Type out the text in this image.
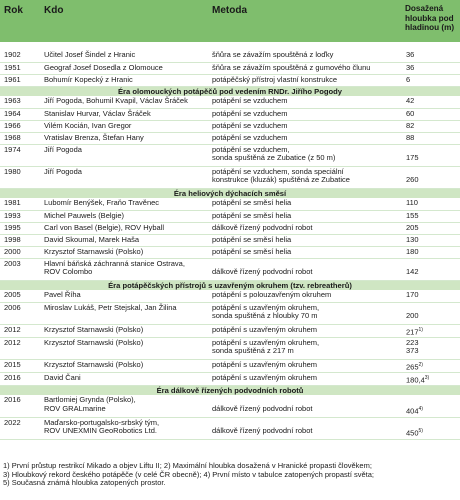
Rok	Kdo	Metoda	Dosažená
hloubka pod
hladinou (m)

1902	Učitel Josef Šindel z Hranic	šňůra se závažím spouštěná z loďky	36
1951	Geograf Josef Dosedla z Olomouce	šňůra se závažím spouštěná z gumového člunu	36
1961	Bohumír Kopecký z Hranic	potápěčský přístroj vlastní konstrukce	6
Éra olomouckých potápěčů pod vedením RNDr. Jiřího Pogody			
1963	Jiří Pogoda, Bohumil Kvapil, Václav Šráček	potápění se vzduchem	42
1964	Stanislav Hurvar, Václav Šráček	potápění se vzduchem	60
1966	Vilém Kocián, Ivan Gregor	potápění se vzduchem	82
1968	Vratislav Brenza, Štefan Hany	potápění se vzduchem	88
1974	Jiří Pogoda	potápění se vzduchem,
sonda spuštěná ze Zubatice (z 50 m)	175
1980	Jiří Pogoda	potápění se vzduchem, sonda speciální
konstrukce (kluzák) spuštěná ze Zubatice	260
Éra heliových dýchacích směsí			
1981	Lubomír Benýšek, Fraňo Travěnec	potápění se směsí helia	110
1993	Michel Pauwels (Belgie)	potápění se směsí helia	155
1995	Carl von Basel (Belgie), ROV Hyball	dálkově řízený podvodní robot	205
1998	David Skoumal, Marek Haša	potápění se směsí helia	130
2000	Krzysztof Starnawski (Polsko)	potápění se směsí helia	180
2003	Hlavní báňská záchranná stanice Ostrava,
ROV Colombo	dálkově řízený podvodní robot	142
Éra potápěčských přístrojů s uzavřeným okruhem (tzv. rebreatherů)			
2005	Pavel Říha	potápění s polouzavřeným okruhem	170
2006	Miroslav Lukáš, Petr Stejskal, Jan Žilina	potápění s uzavřeným okruhem,
sonda spuštěná z hloubky 70 m	200
2012	Krzysztof Starnawski (Polsko)	potápění s uzavřeným okruhem	217$^{1)}$
2012	Krzysztof Starnawski (Polsko)	potápění s uzavřeným okruhem,
sonda spuštěná z 217 m	223
373
2015	Krzysztof Starnawski (Polsko)	potápění s uzavřeným okruhem	265$^{2)}$
2016	David Čani	potápění s uzavřeným okruhem	180,4$^{3)}$
Éra dálkově řízených podvodních robotů			
2016	Bartlomiej Gryndа (Polsko),
ROV GRALmarine	dálkově řízený podvodní robot	404$^{4)}$
2022	Maďarsko-portugalsko-srbský tým,
ROV UNEXMIN GeoRobotics Ltd.	dálkově řízený podvodní robot	450$^{5)}$

1) První průstup restrikcí Mikado a objev Liftu II; 2) Maximální hloubka dosažená v Hranické propasti člověkem;

3) Hloubkový rekord českého potápěče (v celé ČR obecně); 4) První místo v tabulce zatopených propastí světa;

5) Současná známá hloubka zatopených prostor.
